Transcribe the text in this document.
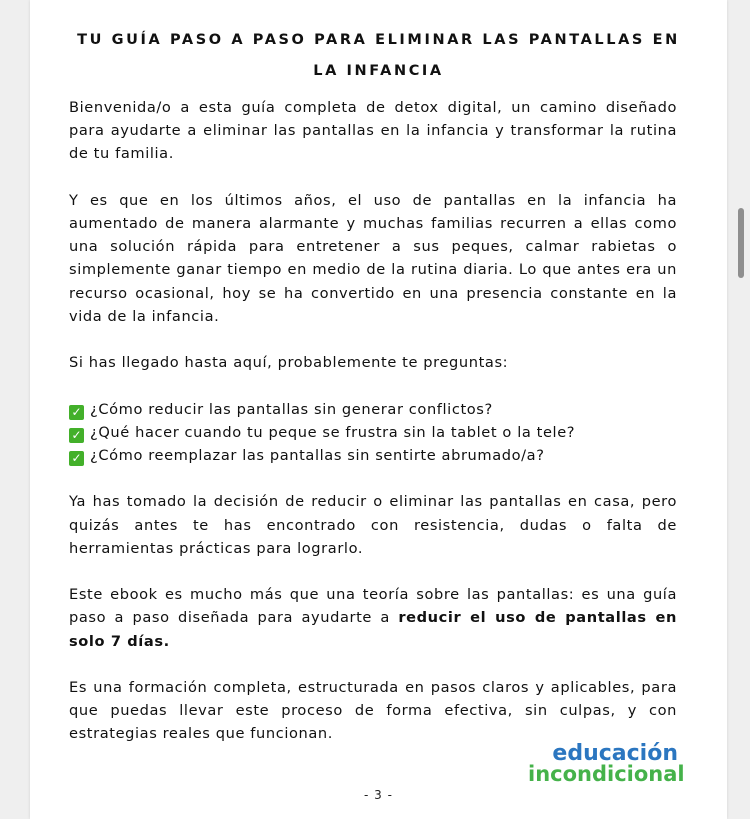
TU GUÍA PASO A PASO PARA ELIMINAR LAS PANTALLAS EN LA INFANCIA

Bienvenida/o a esta guía completa de detox digital, un camino diseñado para ayudarte a eliminar las pantallas en la infancia y transformar la rutina de tu familia.

Y es que en los últimos años, el uso de pantallas en la infancia ha aumentado de manera alarmante y muchas familias recurren a ellas como una solución rápida para entretener a sus peques, calmar rabietas o simplemente ganar tiempo en medio de la rutina diaria. Lo que antes era un recurso ocasional, hoy se ha convertido en una presencia constante en la vida de la infancia.

Si has llegado hasta aquí, probablemente te preguntas:

✓ ¿Cómo reducir las pantallas sin generar conflictos?
✓ ¿Qué hacer cuando tu peque se frustra sin la tablet o la tele?
✓ ¿Cómo reemplazar las pantallas sin sentirte abrumado/a?

Ya has tomado la decisión de reducir o eliminar las pantallas en casa, pero quizás antes te has encontrado con resistencia, dudas o falta de herramientas prácticas para lograrlo.

Este ebook es mucho más que una teoría sobre las pantallas: es una guía paso a paso diseñada para ayudarte a reducir el uso de pantallas en solo 7 días.

Es una formación completa, estructurada en pasos claros y aplicables, para que puedas llevar este proceso de forma efectiva, sin culpas, y con estrategias reales que funcionan.

educación
incondicional
- 3 -
